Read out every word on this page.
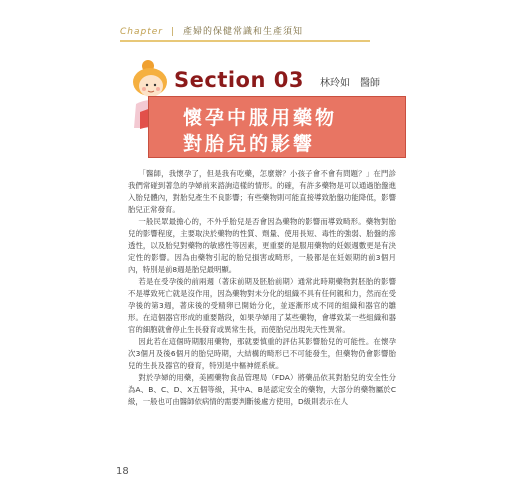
Chapter | 產婦的保健常識和生產須知
Section 03 林玲如 醫師
懷孕中服用藥物
對胎兒的影響

「醫師，我懷孕了，但是我有吃藥，怎麼辦？小孩子會不會有問題？」在門診我們常碰到著急的孕婦前來諮詢這樣的情形。的確，有許多藥物是可以通過胎盤進入胎兒體內，對胎兒產生不良影響；有些藥物則可能直接導致胎盤功能降低，影響胎兒正常發育。

一般民眾最擔心的，不外乎胎兒是否會因為藥物的影響而導致畸形。藥物對胎兒的影響程度，主要取決於藥物的性質、劑量、使用長短、毒性的強弱、胎盤的滲透性，以及胎兒對藥物的敏感性等因素，更重要的是服用藥物的妊娠週數更是有決定性的影響。因為由藥物引起的胎兒損害或畸形，一般都是在妊娠期的前3個月內，特別是前8週是胎兒最明顯。

若是在受孕後的前兩週（著床前期及胚胎前期）通常此時期藥物對胚胎的影響不是導致死亡就是沒作用，因為藥物對未分化的組織不具有任何親和力，然而在受孕後的第3週，著床後的受精卵已開始分化，並逐漸形成不同的組織和器官的雛形。在這個器官形成的重要階段，如果孕婦用了某些藥物，會導致某一些組織和器官的細胞就會停止生長發育或異常生長，而使胎兒出現先天性異常。

因此若在這個時期服用藥物，那就要慎重的評估其影響胎兒的可能性。在懷孕次3個月及後6個月的胎兒時期，大結構的畸形已不可能發生，但藥物仍會影響胎兒的生長及器官的發育，特別是中樞神經系統。

對於孕婦的用藥，美國藥物食品管理局（FDA）將藥品依其對胎兒的安全性分為A、B、C、D、X五個等級，其中A、B是認定安全的藥物，大部分的藥物屬於C級，一般也可由醫師依病情的需要判斷後處方使用，D級則表示在人

18
